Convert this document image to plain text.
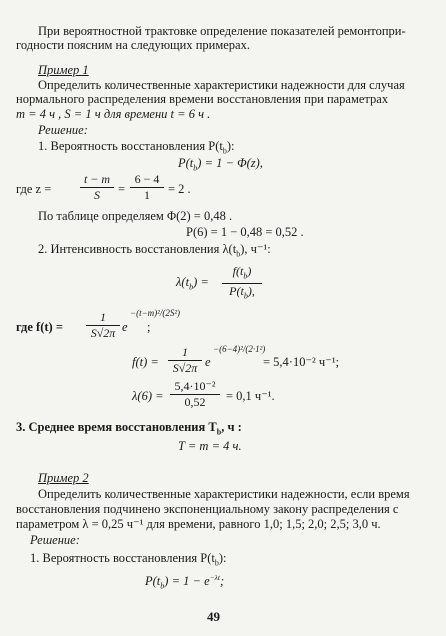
При вероятностной трактовке определение показателей ремонтопри-
годности поясним на следующих примерах.
Пример 1
Определить количественные характеристики надежности для случая
нормального распределения времени восстановления при параметрах
m = 4 ч , S = 1 ч для времени t = 6 ч .
Решение:
1. Вероятность восстановления $P(t_b)$:
$P(t_b) = 1 - \Phi(z)$,
где z =
t − m
S	=
6 − 4
1	= 2 .
По таблице определяем Φ(2) = 0,48 .
P(6) = 1 − 0,48 = 0,52 .
2. Интенсивность восстановления $\lambda(t_b)$, ч⁻¹:
$\lambda(t_b)$ =
$f(t_b)$
$P(t_b)$,
где f(t) =
1
S√2π e
−(t−m)²/(2S²)
;
f(t) =
1
S√2π e
−(6−4)²/(2·1²)
= 5,4·10⁻² ч⁻¹;
λ(6) =
5,4·10⁻²
0,52	= 0,1 ч⁻¹.
3. Среднее время восстановления $T_b$, ч :
T = m = 4 ч.
Пример 2
Определить количественные характеристики надежности, если время
восстановления подчинено экспоненциальному закону распределения с
параметром λ = 0,25 ч⁻¹ для времени, равного 1,0; 1,5; 2,0; 2,5; 3,0 ч.
Решение:
1. Вероятность восстановления $P(t_b)$:
$P(t_b) = 1 - e^{-\lambda t}$;
49
